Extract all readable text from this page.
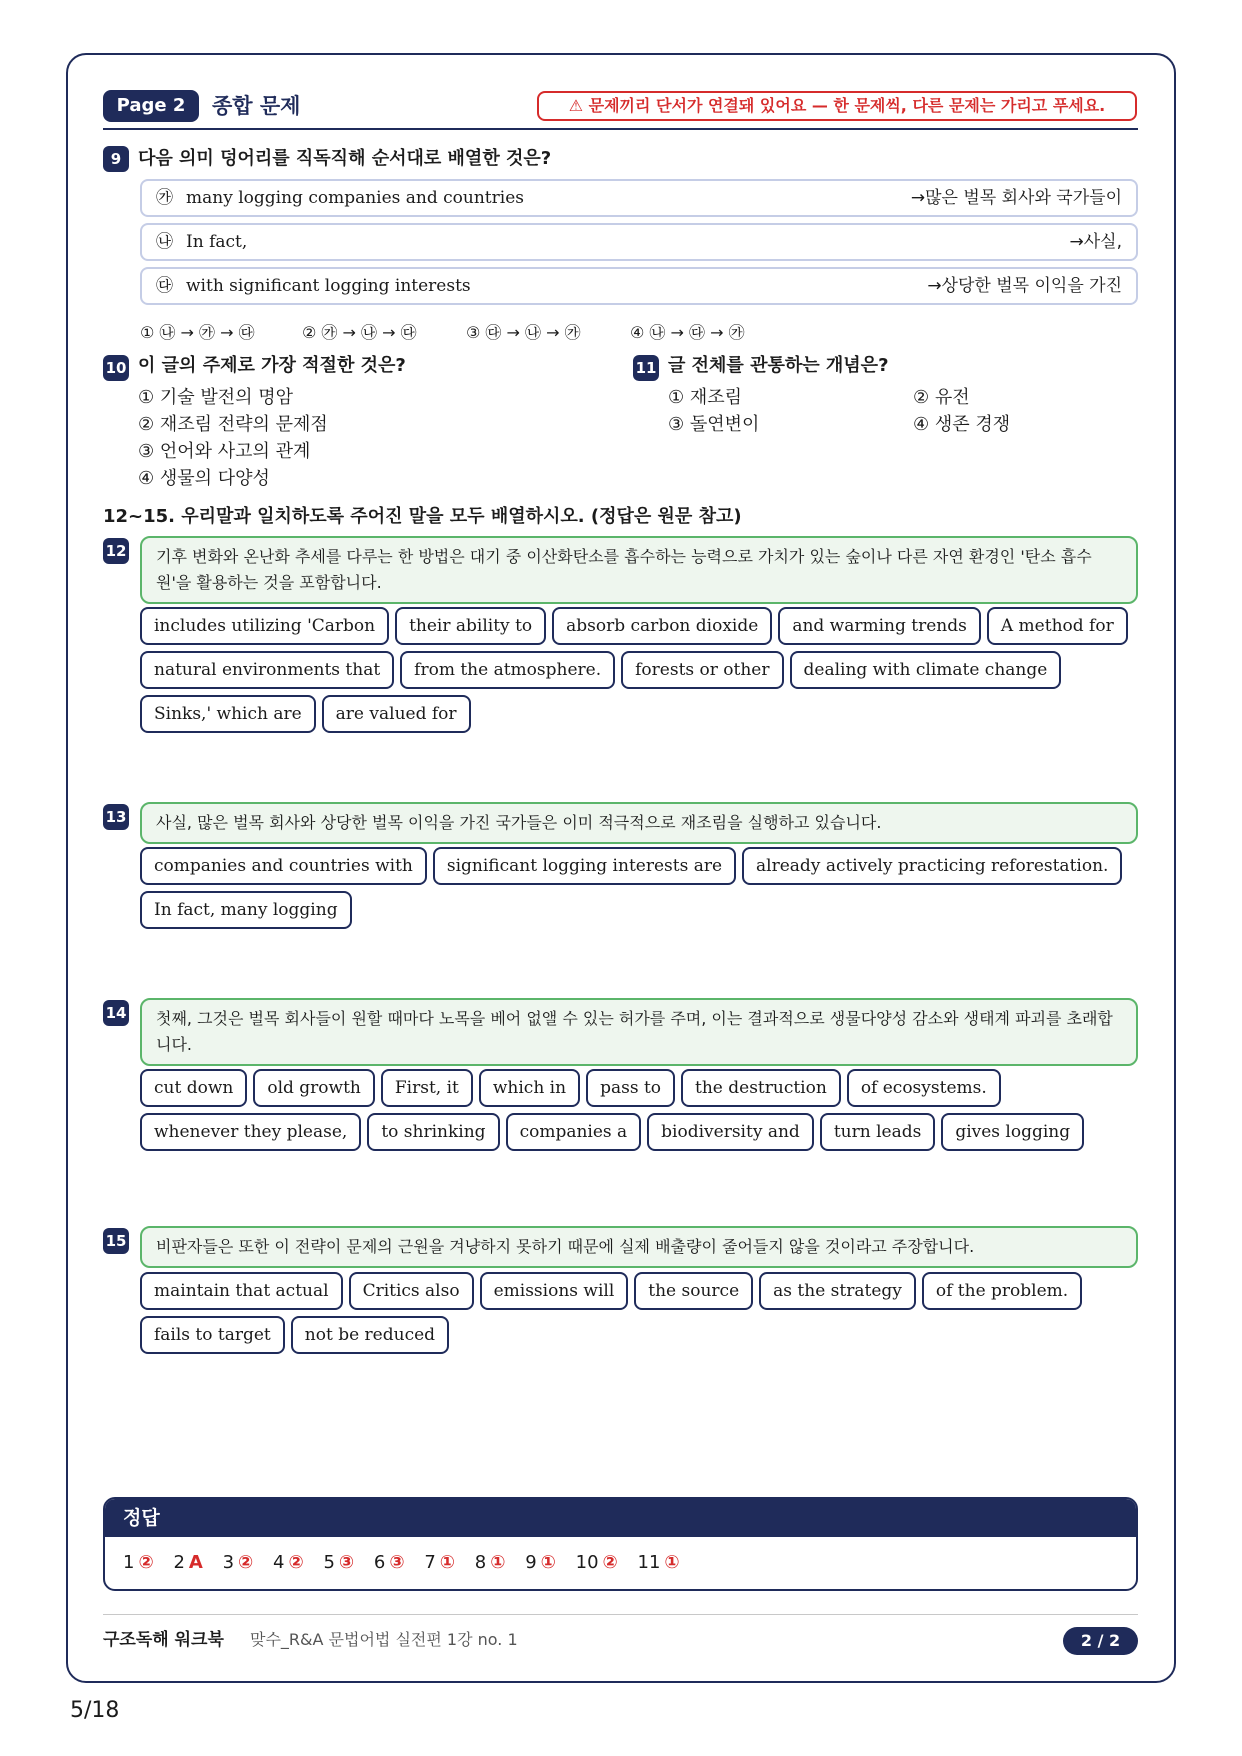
Page 2	종합 문제	⚠ 문제끼리 단서가 연결돼 있어요 — 한 문제씩, 다른 문제는 가리고 푸세요.
9 다음 의미 덩어리를 직독직해 순서대로 배열한 것은?
㉮ many logging companies and countries	→많은 벌목 회사와 국가들이
㉯ In fact,	→사실,
㉰ with significant logging interests	→상당한 벌목 이익을 가진
① ㉯ → ㉮ → ㉰	② ㉮ → ㉯ → ㉰	③ ㉰ → ㉯ → ㉮	④ ㉯ → ㉰ → ㉮
10 이 글의 주제로 가장 적절한 것은?
① 기술 발전의 명암
② 재조림 전략의 문제점
③ 언어와 사고의 관계
④ 생물의 다양성
11 글 전체를 관통하는 개념은?
① 재조림	② 유전
③ 돌연변이	④ 생존 경쟁
12~15. 우리말과 일치하도록 주어진 말을 모두 배열하시오. (정답은 원문 참고)
12	기후 변화와 온난화 추세를 다루는 한 방법은 대기 중 이산화탄소를 흡수하는 능력으로 가치가 있는 숲이나 다른 자연 환경인 '탄소 흡수원'을 활용하는 것을 포함합니다.
includes utilizing 'Carbon	their ability to	absorb carbon dioxide	and warming trends	A method for
natural environments that	from the atmosphere.	forests or other	dealing with climate change
Sinks,' which are	are valued for
13	사실, 많은 벌목 회사와 상당한 벌목 이익을 가진 국가들은 이미 적극적으로 재조림을 실행하고 있습니다.
companies and countries with	significant logging interests are	already actively practicing reforestation.
In fact, many logging
14	첫째, 그것은 벌목 회사들이 원할 때마다 노목을 베어 없앨 수 있는 허가를 주며, 이는 결과적으로 생물다양성 감소와 생태계 파괴를 초래합니다.
cut down	old growth	First, it	which in	pass to	the destruction	of ecosystems.
whenever they please,	to shrinking	companies a	biodiversity and	turn leads	gives logging
15	비판자들은 또한 이 전략이 문제의 근원을 겨냥하지 못하기 때문에 실제 배출량이 줄어들지 않을 것이라고 주장합니다.
maintain that actual	Critics also	emissions will	the source	as the strategy	of the problem.
fails to target	not be reduced
정답
1 ② 2 A 3 ② 4 ② 5 ③ 6 ③ 7 ① 8 ① 9 ① 10 ② 11 ①
구조독해 워크북 맞수_R&A 문법어법 실전편 1강 no. 1	2 / 2
5/18
